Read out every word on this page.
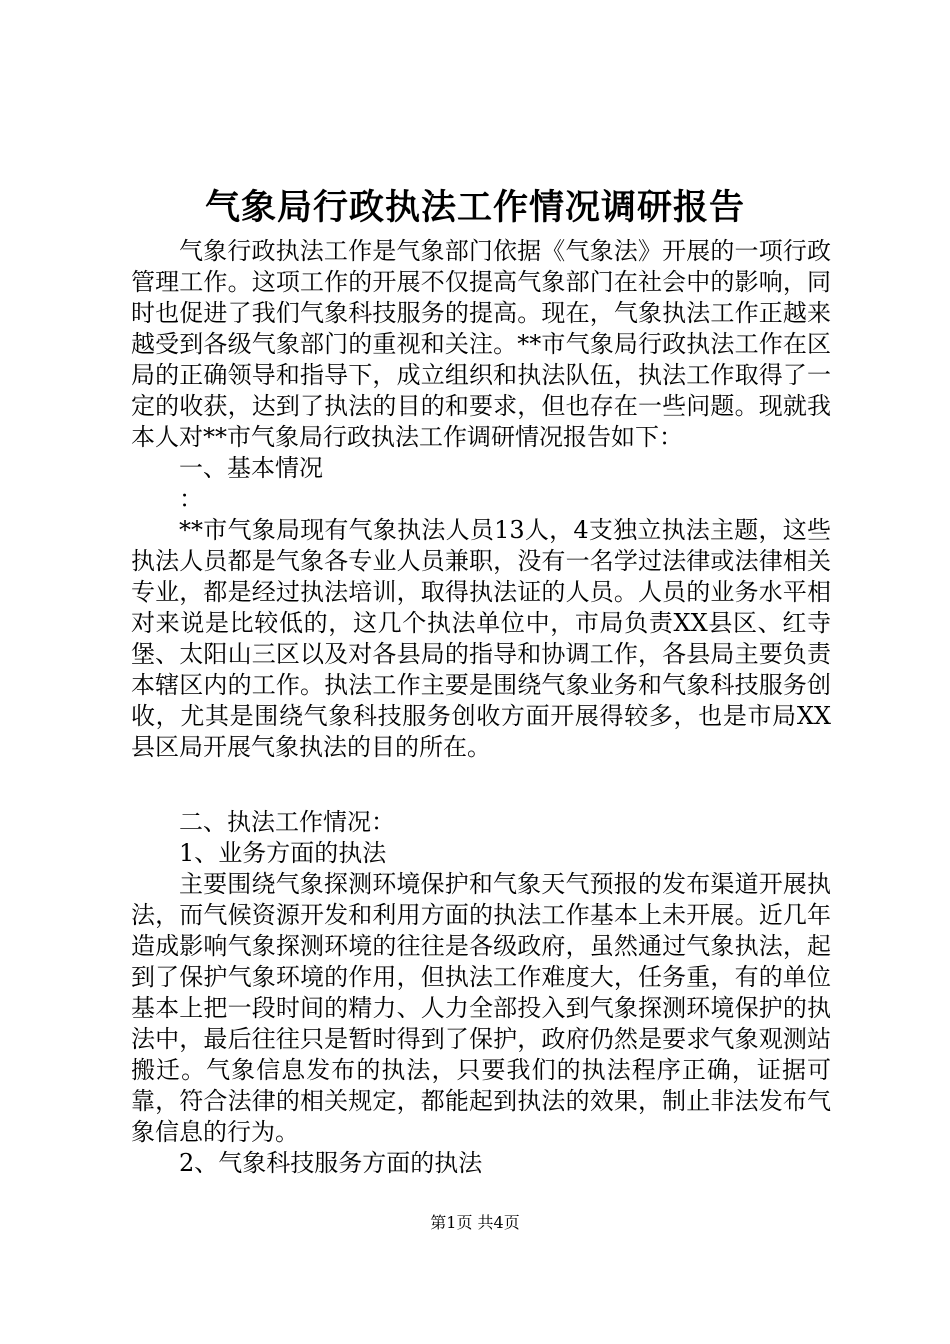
气象局行政执法工作情况调研报告

气象行政执法工作是气象部门依据《气象法》开展的一项行政管理工作。这项工作的开展不仅提高气象部门在社会中的影响，同时也促进了我们气象科技服务的提高。现在，气象执法工作正越来越受到各级气象部门的重视和关注。**市气象局行政执法工作在区局的正确领导和指导下，成立组织和执法队伍，执法工作取得了一定的收获，达到了执法的目的和要求，但也存在一些问题。现就我本人对**市气象局行政执法工作调研情况报告如下：

一、基本情况

：

**市气象局现有气象执法人员13人，4支独立执法主题，这些执法人员都是气象各专业人员兼职，没有一名学过法律或法律相关专业，都是经过执法培训，取得执法证的人员。人员的业务水平相对来说是比较低的，这几个执法单位中，市局负责XX县区、红寺堡、太阳山三区以及对各县局的指导和协调工作，各县局主要负责本辖区内的工作。执法工作主要是围绕气象业务和气象科技服务创收，尤其是围绕气象科技服务创收方面开展得较多，也是市局XX县区局开展气象执法的目的所在。

二、执法工作情况：

1、业务方面的执法

主要围绕气象探测环境保护和气象天气预报的发布渠道开展执法，而气候资源开发和利用方面的执法工作基本上未开展。近几年造成影响气象探测环境的往往是各级政府，虽然通过气象执法，起到了保护气象环境的作用，但执法工作难度大，任务重，有的单位基本上把一段时间的精力、人力全部投入到气象探测环境保护的执法中，最后往往只是暂时得到了保护，政府仍然是要求气象观测站搬迁。气象信息发布的执法，只要我们的执法程序正确，证据可靠，符合法律的相关规定，都能起到执法的效果，制止非法发布气象信息的行为。

2、气象科技服务方面的执法

第1页 共4页
